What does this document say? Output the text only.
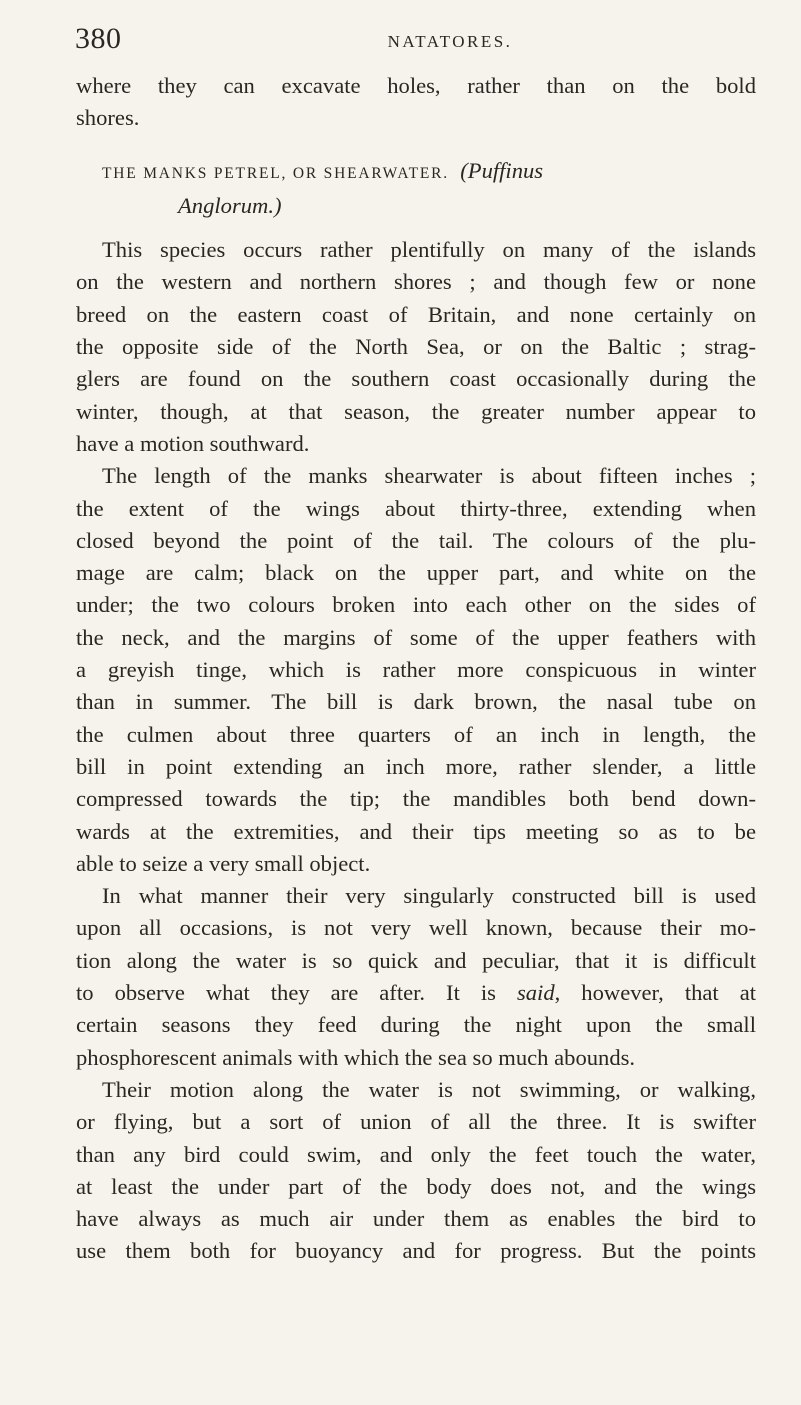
380	NATATORES.
where they can excavate holes, rather than on the bold
shores.
THE MANKS PETREL, OR SHEARWATER. (Puffinus
Anglorum.)
This species occurs rather plentifully on many of the islands
on the western and northern shores ; and though few or none
breed on the eastern coast of Britain, and none certainly on
the opposite side of the North Sea, or on the Baltic ; strag-
glers are found on the southern coast occasionally during the
winter, though, at that season, the greater number appear to
have a motion southward.
The length of the manks shearwater is about fifteen inches ;
the extent of the wings about thirty-three, extending when
closed beyond the point of the tail. The colours of the plu-
mage are calm; black on the upper part, and white on the
under; the two colours broken into each other on the sides of
the neck, and the margins of some of the upper feathers with
a greyish tinge, which is rather more conspicuous in winter
than in summer. The bill is dark brown, the nasal tube on
the culmen about three quarters of an inch in length, the
bill in point extending an inch more, rather slender, a little
compressed towards the tip; the mandibles both bend down-
wards at the extremities, and their tips meeting so as to be
able to seize a very small object.
In what manner their very singularly constructed bill is used
upon all occasions, is not very well known, because their mo-
tion along the water is so quick and peculiar, that it is difficult
to observe what they are after. It is said, however, that at
certain seasons they feed during the night upon the small
phosphorescent animals with which the sea so much abounds.
Their motion along the water is not swimming, or walking,
or flying, but a sort of union of all the three. It is swifter
than any bird could swim, and only the feet touch the water,
at least the under part of the body does not, and the wings
have always as much air under them as enables the bird to
use them both for buoyancy and for progress. But the points
